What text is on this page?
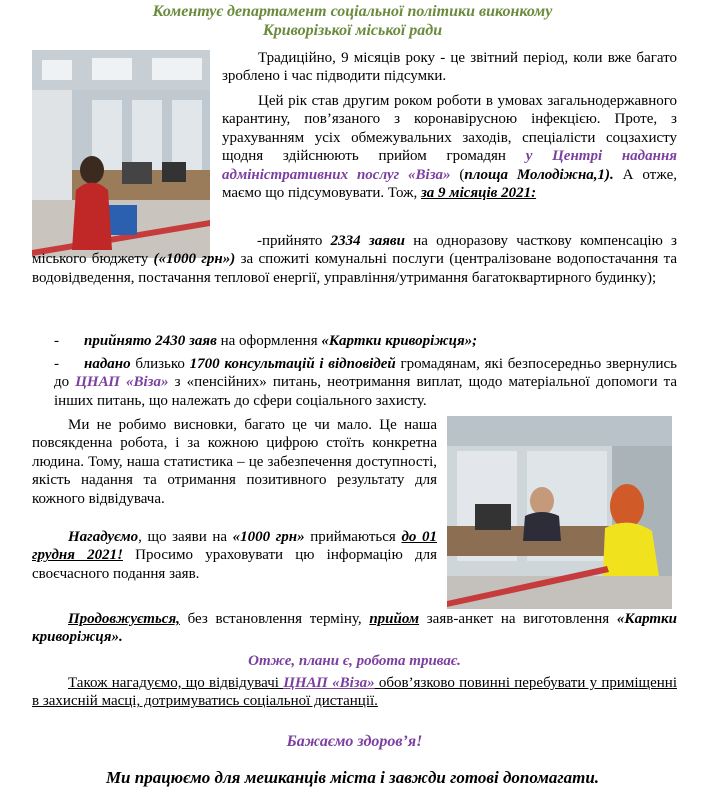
Коментує департамент соціальної політики виконкому
Криворізької міської ради

Традиційно, 9 місяців року - це звітний період, коли вже багато зроблено і час підводити підсумки.

Цей рік став другим роком роботи в умовах загальнодержавного карантину, пов’язаного з коронавірусною інфекцією. Проте, з урахуванням усіх обмежувальних заходів, спеціалісти соцзахисту щодня здійснюють прийом громадян у Центрі надання адміністративних послуг «Віза» (площа Молодіжна,1). А отже, маємо що підсумовувати. Тож, за 9 місяців 2021:

-прийнято 2334 заяви на одноразову часткову компенсацію з міського бюджету («1000 грн») за спожиті комунальні послуги (централізоване водопостачання та водовідведення, постачання теплової енергії, управління/утримання багатоквартирного будинку);

- прийнято 2430 заяв на оформлення «Картки криворіжця»;

- надано близько 1700 консультацій і відповідей громадянам, які безпосередньо звернулись до ЦНАП «Віза» з «пенсійних» питань, неотримання виплат, щодо матеріальної допомоги та інших питань, що належать до сфери соціального захисту.

Ми не робимо висновки, багато це чи мало. Це наша повсякденна робота, і за кожною цифрою стоїть конкретна людина. Тому, наша статистика – це забезпечення доступності, якість надання та отримання позитивного результату для кожного відвідувача.

Нагадуємо, що заяви на «1000 грн» приймаються до 01 грудня 2021! Просимо ураховувати цю інформацію для своєчасного подання заяв.

Продовжується, без встановлення терміну, прийом заяв-анкет на виготовлення «Картки криворіжця».

Отже, плани є, робота триває.

Також нагадуємо, що відвідувачі ЦНАП «Віза» обов’язково повинні перебувати у приміщенні в захисній масці, дотримуватись соціальної дистанції.

Бажаємо здоров’я!

Ми працюємо для мешканців міста і завжди готові допомагати.
